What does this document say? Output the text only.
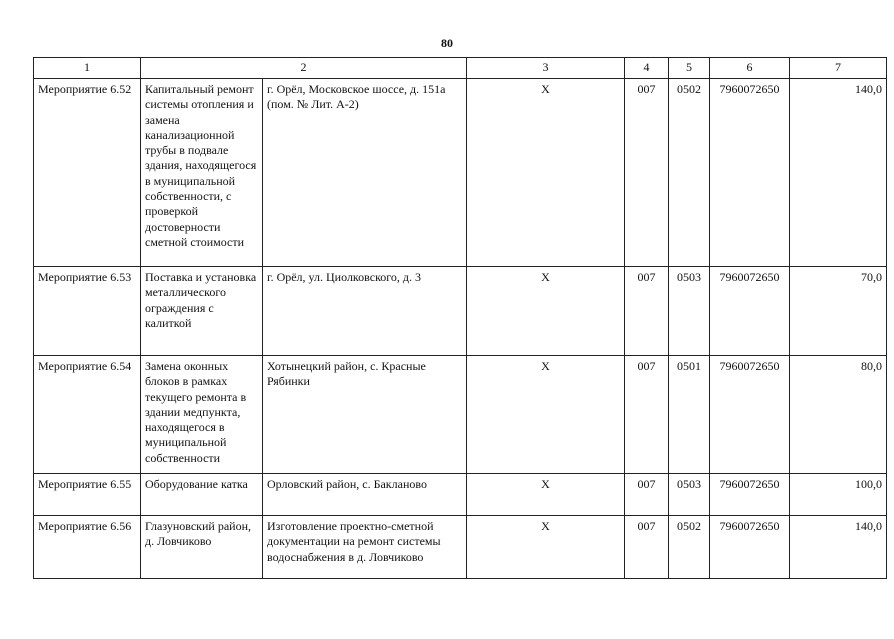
80
1	2		3	4	5	6	7
Мероприятие 6.52	Капитальный ремонт системы отопления и замена канализационной трубы в подвале здания, находящегося в муниципальной собственности, с проверкой достоверности сметной стоимости	г. Орёл, Московское шоссе, д. 151а (пом. № Лит. А-2)	Х	007	0502	7960072650	140,0
Мероприятие 6.53	Поставка и установка металлического ограждения с калиткой	г. Орёл, ул. Циолковского, д. 3	Х	007	0503	7960072650	70,0
Мероприятие 6.54	Замена оконных блоков в рамках текущего ремонта в здании медпункта, находящегося в муниципальной собственности	Хотынецкий район, с. Красные Рябинки	Х	007	0501	7960072650	80,0
Мероприятие 6.55	Оборудование катка	Орловский район, с. Бакланово	Х	007	0503	7960072650	100,0
Мероприятие 6.56	Глазуновский район, д. Ловчиково	Изготовление проектно-сметной документации на ремонт системы водоснабжения в д. Ловчиково	Х	007	0502	7960072650	140,0
